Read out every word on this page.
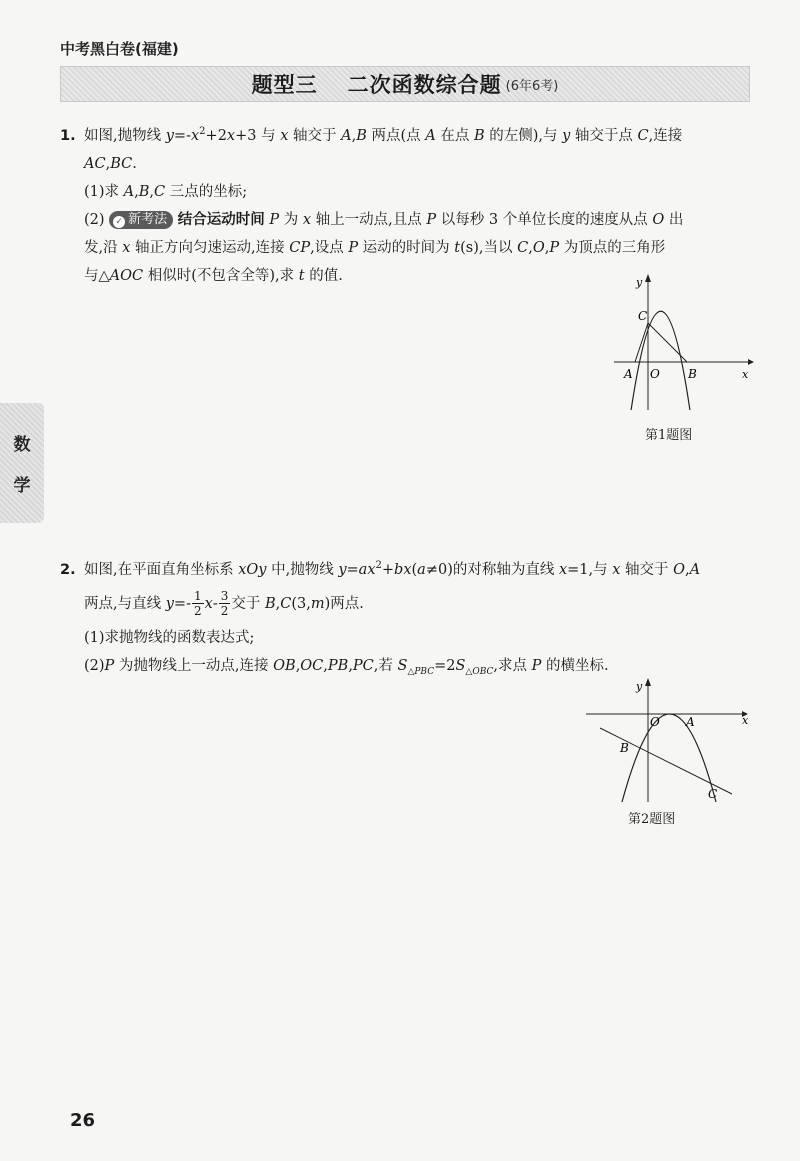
中考黑白卷(福建)
题型三 二次函数综合题 (6年6考)
数
学
1. 如图,抛物线 $y=-x^2+2x+3$ 与 x 轴交于 A,B 两点(点 A 在点 B 的左侧),与 y 轴交于点 C,连接
AC,BC.
(1)求 A,B,C 三点的坐标;
(2) ✓ 新考法 结合运动时间 P 为 x 轴上一动点,且点 P 以每秒 3 个单位长度的速度从点 O 出
发,沿 x 轴正方向匀速运动,连接 CP,设点 P 运动的时间为 t(s),当以 C,O,P 为顶点的三角形
与△AOC 相似时(不包含全等),求 t 的值.	y
x
A O B
C
第1题图
2. 如图,在平面直角坐标系 xOy 中,抛物线 $y=ax^2+bx(a\ne 0)$的对称轴为直线 x=1,与 x 轴交于 O,A
两点,与直线 $y=- \frac{1}{2} x- \frac{3}{2}$ 交于 B,C(3,m)两点.
(1)求抛物线的函数表达式;
(2)P 为抛物线上一动点,连接 OB,OC,PB,PC,若 $S_{\triangle PBC}=2S_{\triangle OBC}$,求点 P 的横坐标.
y
x
O A
B
C
第2题图
26
